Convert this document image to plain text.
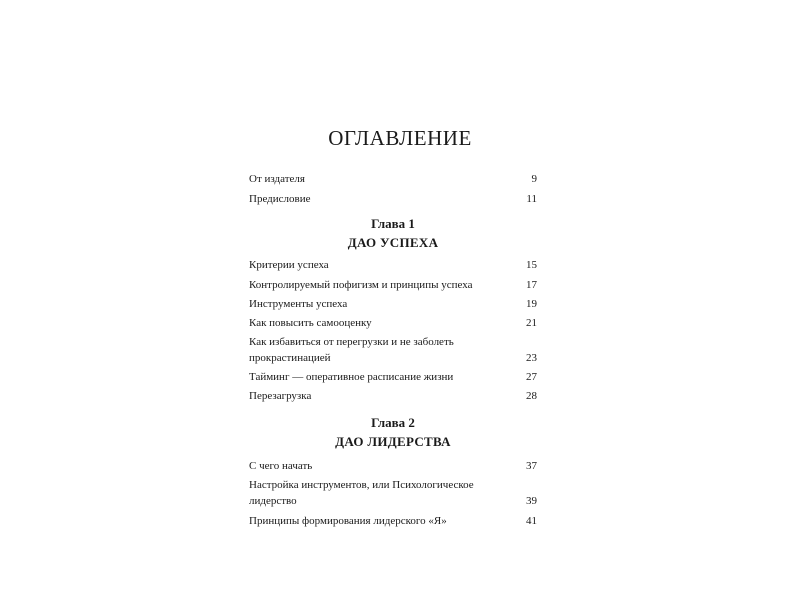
ОГЛАВЛЕНИЕ
От издателя	9
Предисловие	11
Глава 1
ДАО УСПЕХА
Критерии успеха	15
Контролируемый пофигизм и принципы успеха	17
Инструменты успеха	19
Как повысить самооценку	21
Как избавиться от перегрузки и не заболеть прокрастинацией	23
Тайминг — оперативное расписание жизни	27
Перезагрузка	28
Глава 2
ДАО ЛИДЕРСТВА
С чего начать	37
Настройка инструментов, или Психологическое лидерство	39
Принципы формирования лидерского «Я»	41
